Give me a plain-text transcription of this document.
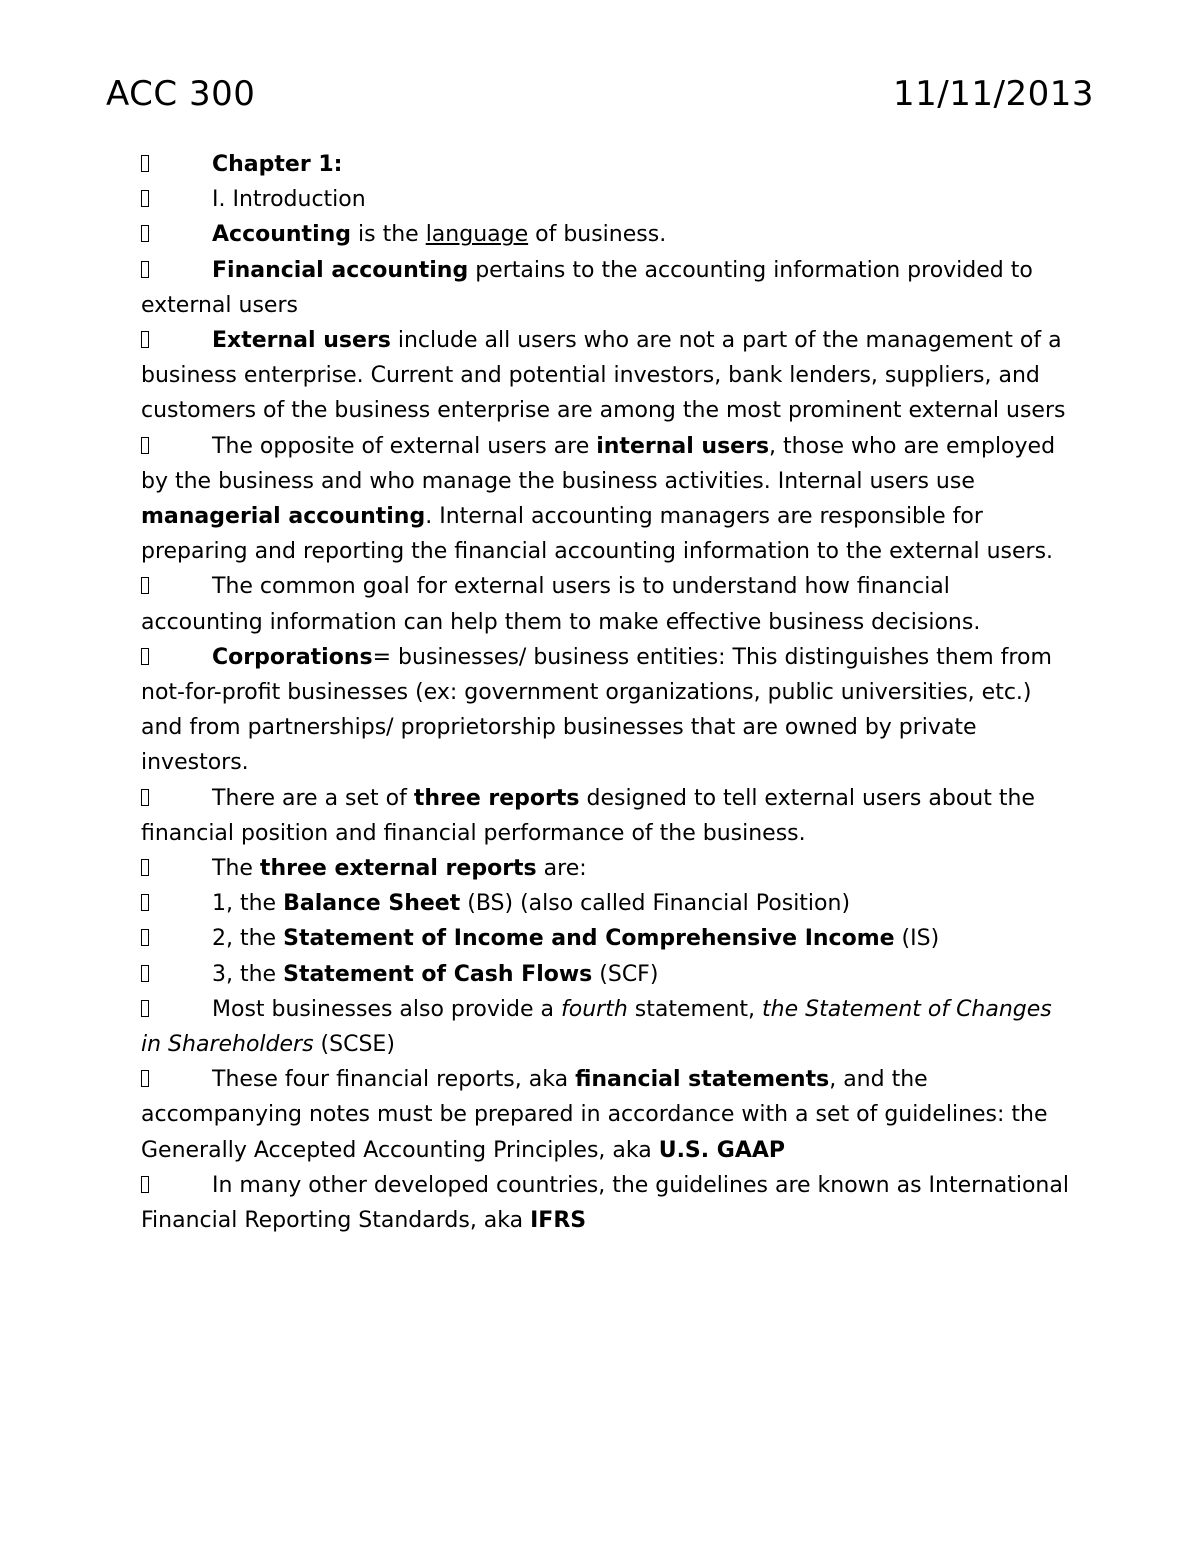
ACC 300	11/11/2013

Chapter 1:

I. Introduction

Accounting is the language of business.

Financial accounting pertains to the accounting information provided to external users

External users include all users who are not a part of the management of a business enterprise. Current and potential investors, bank lenders, suppliers, and customers of the business enterprise are among the most prominent external users

The opposite of external users are internal users, those who are employed by the business and who manage the business activities. Internal users use managerial accounting. Internal accounting managers are responsible for preparing and reporting the financial accounting information to the external users.

The common goal for external users is to understand how financial accounting information can help them to make effective business decisions.

Corporations= businesses/ business entities: This distinguishes them from not-for-profit businesses (ex: government organizations, public universities, etc.) and from partnerships/ proprietorship businesses that are owned by private investors.

There are a set of three reports designed to tell external users about the financial position and financial performance of the business.

The three external reports are:

1, the Balance Sheet (BS) (also called Financial Position)

2, the Statement of Income and Comprehensive Income (IS)

3, the Statement of Cash Flows (SCF)

Most businesses also provide a fourth statement, the Statement of Changes in Shareholders (SCSE)

These four financial reports, aka financial statements, and the accompanying notes must be prepared in accordance with a set of guidelines: the Generally Accepted Accounting Principles, aka U.S. GAAP

In many other developed countries, the guidelines are known as International Financial Reporting Standards, aka IFRS
